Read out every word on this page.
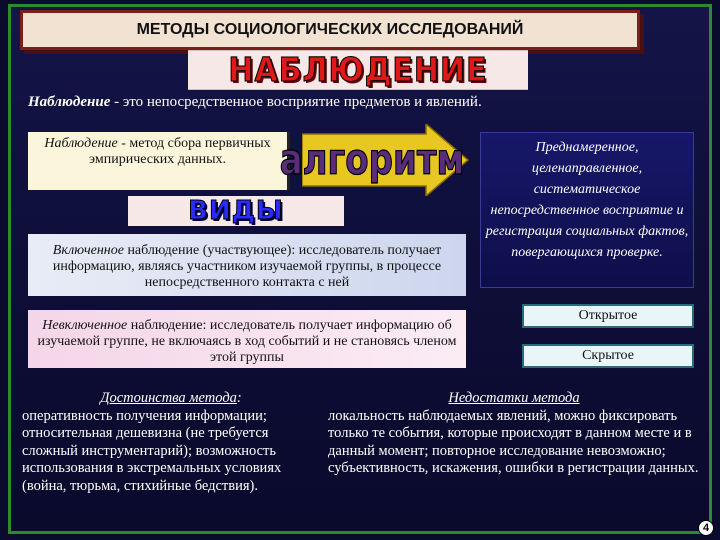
МЕТОДЫ СОЦИОЛОГИЧЕСКИХ ИССЛЕДОВАНИЙ
НАБЛЮДЕНИЕ
Наблюдение - это непосредственное восприятие предметов и явлений.
Наблюдение - метод сбора первичных эмпирических данных.	алгоритм	Преднамеренное, целенаправленное, систематическое непосредственное восприятие и регистрация социальных фактов, повергающихся проверке.
ВИДЫ
Включенное наблюдение (участвующее): исследователь получает информацию, являясь участником изучаемой группы, в процессе непосредственного контакта с ней
Невключенное наблюдение: исследователь получает информацию об изучаемой группе, не включаясь в ход событий и не становясь членом этой группы
Открытое
Скрытое
Достоинства метода:
оперативность получения информации; относительная дешевизна (не требуется сложный инструментарий); возможность использования в экстремальных условиях (война, тюрьма, стихийные бедствия).
Недостатки метода
локальность наблюдаемых явлений, можно фиксировать только те события, которые происходят в данном месте и в данный момент; повторное исследование невозможно; субъективность, искажения, ошибки в регистрации данных.
4
